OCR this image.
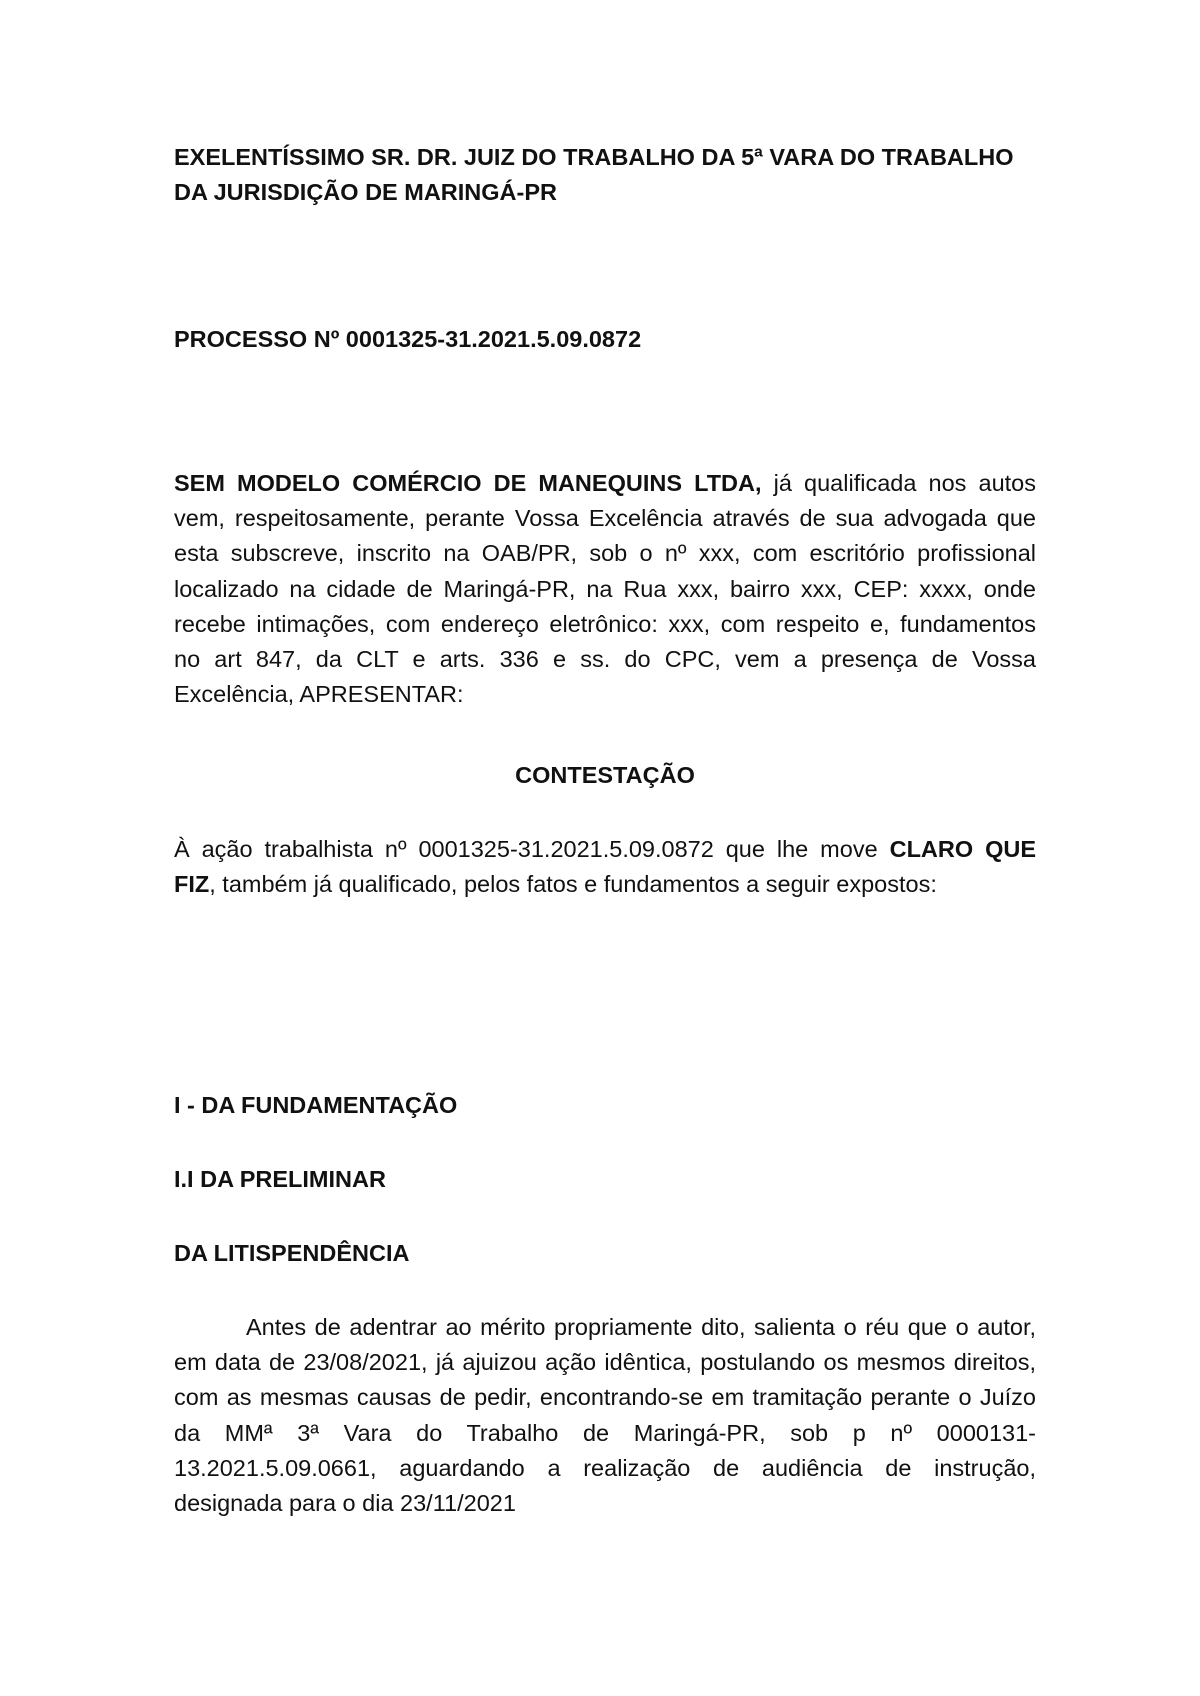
EXELENTÍSSIMO SR. DR. JUIZ DO TRABALHO DA 5ª VARA DO TRABALHO
DA JURISDIÇÃO DE MARINGÁ-PR
PROCESSO Nº 0001325-31.2021.5.09.0872
SEM MODELO COMÉRCIO DE MANEQUINS LTDA, já qualificada nos autos
vem, respeitosamente, perante Vossa Excelência através de sua advogada que
esta subscreve, inscrito na OAB/PR, sob o nº xxx, com escritório profissional
localizado na cidade de Maringá-PR, na Rua xxx, bairro xxx, CEP: xxxx, onde
recebe intimações, com endereço eletrônico: xxx, com respeito e, fundamentos
no art 847, da CLT e arts. 336 e ss. do CPC, vem a presença de Vossa
Excelência, APRESENTAR:
CONTESTAÇÃO
À ação trabalhista nº 0001325-31.2021.5.09.0872 que lhe move CLARO QUE
FIZ, também já qualificado, pelos fatos e fundamentos a seguir expostos:
I - DA FUNDAMENTAÇÃO
I.I DA PRELIMINAR
DA LITISPENDÊNCIA
Antes de adentrar ao mérito propriamente dito, salienta o réu que o autor,
em data de 23/08/2021, já ajuizou ação idêntica, postulando os mesmos direitos,
com as mesmas causas de pedir, encontrando-se em tramitação perante o Juízo
da MMª 3ª Vara do Trabalho de Maringá-PR, sob p nº 0000131-
13.2021.5.09.0661, aguardando a realização de audiência de instrução,
designada para o dia 23/11/2021
